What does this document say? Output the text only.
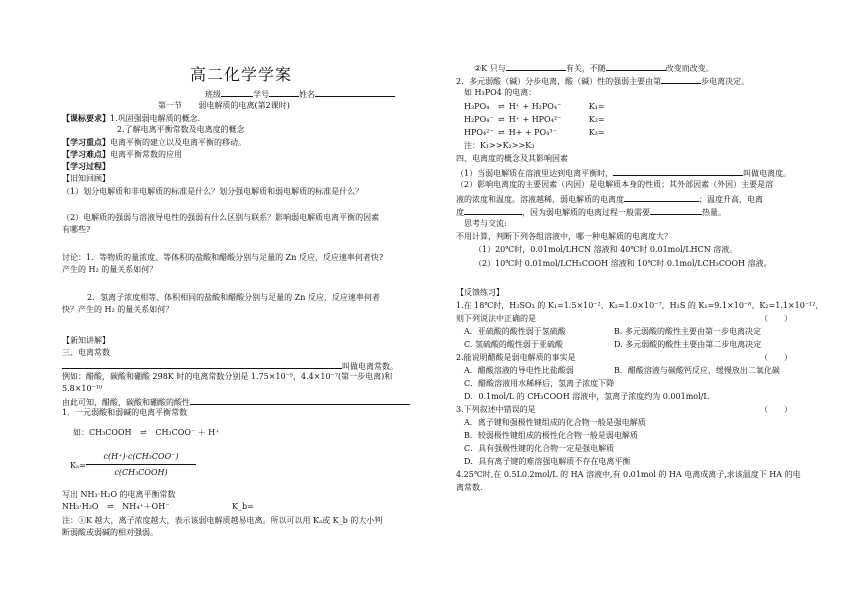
高二化学学案
班级	学号	姓名
第一节 弱电解质的电离(第2课时)
【课标要求】1.巩固强弱电解质的概念.
2.了解电离平衡常数及电离度的概念
【学习重点】电离平衡的建立以及电离平衡的移动。
【学习难点】电离平衡常数的应用
【学习过程】
【旧知回顾】
（1）划分电解质和非电解质的标准是什么？划分强电解质和弱电解质的标准是什么？
（2）电解质的强弱与溶液导电性的强弱有什么区别与联系？影响弱电解质电离平衡的因素
有哪些?
讨论：1．等物质的量浓度、等体积的盐酸和醋酸分别与足量的 Zn 反应，反应速率何者快?
产生的 H₂ 的量关系如何？
2．氢离子浓度相等、体积相同的盐酸和醋酸分别与足量的 Zn 反应，反应速率何者
快？产生的 H₂ 的量关系如何？
【新知讲解】
三、电离常数
叫做电离常数。
例如：醋酸，碳酸和硼酸 298K 时的电离常数分别是 1.75×10⁻⁵，4.4×10⁻⁷(第一步电离)和
5.8×10⁻¹⁰
由此可知，醋酸，碳酸和硼酸的酸性
1．一元弱酸和弱碱的电离平衡常数
如：CH₃COOH ⇌ CH₃COO⁻ ＋ H⁺
Kₐ=
c(H⁺)·c(CH₃COO⁻)
c(CH₃COOH)
写出 NH₃·H₂O 的电离平衡常数
NH₃·H₂O ⇌ NH₄⁺＋OH⁻	K_b=
注：①K 越大，离子浓度越大，表示该弱电解质越易电离。所以可以用 Kₐ或 K_b 的大小判
断弱酸或弱碱的相对强弱。
②K 只与	有关，不随	改变而改变。
2．多元弱酸（碱）分步电离，酸（碱）性的强弱主要由第	步电离决定。
如 H₃PO4 的电离：
H₃PO₄ ⇌ H⁺ + H₂PO₄⁻	K₁=
H₂PO₄⁻ ⇌ H⁺ + HPO₄²⁻	K₂=
HPO₄²⁻ ⇌ H+ + PO₄³⁻	K₃=
注：K₁>>K₂>>K₃
四、电离度的概念及其影响因素
（1）当弱电解质在溶液里达到电离平衡时，	叫做电离度。
（2）影响电离度的主要因素（内因）是电解质本身的性质；其外部因素（外因）主要是溶
液的浓度和温度。溶液越稀，弱电解质的电离度	；温度升高，电离
度	，因为弱电解质的电离过程一般需要	热量。
思考与交流:
不用计算，判断下列各组溶液中，哪一种电解质的电离度大？
（1）20℃时，0.01mol/LHCN 溶液和 40℃时 0.01mol/LHCN 溶液。
（2）10℃时 0.01mol/LCH₃COOH 溶液和 10℃时 0.1mol/LCH₃COOH 溶液。
【反馈练习】
1.在 18℃时，H₂SO₃ 的 K₁=1.5×10⁻²、K₂=1.0×10⁻⁷，H₂S 的 K₁=9.1×10⁻⁸、K₂=1.1×10⁻¹²，
则下列说法中正确的是	（　　）
A．亚硫酸的酸性弱于氢硫酸	B. 多元弱酸的酸性主要由第一步电离决定
C. 氢硫酸的酸性弱于亚硫酸	D. 多元弱酸的酸性主要由第二步电离决定
2.能说明醋酸是弱电解质的事实是	（　　）
A．醋酸溶液的导电性比盐酸弱	B．醋酸溶液与碳酸钙反应，缓慢放出二氧化碳
C．醋酸溶液用水稀释后，氢离子浓度下降
D．0.1mol/L 的 CH₃COOH 溶液中，氢离子浓度约为 0.001mol/L
3.下列叙述中错误的是	（　　）
A．离子键和强极性键组成的化合物一般是强电解质
B．较弱极性键组成的极性化合物一般是弱电解质
C．具有强极性键的化合物一定是强电解质
D．具有离子键的难溶强电解质不存在电离平衡
4.25℃时,在 0.5L0.2mol/L 的 HA 溶液中,有 0.01mol 的 HA 电离成离子,求该温度下 HA 的电
离常数.
